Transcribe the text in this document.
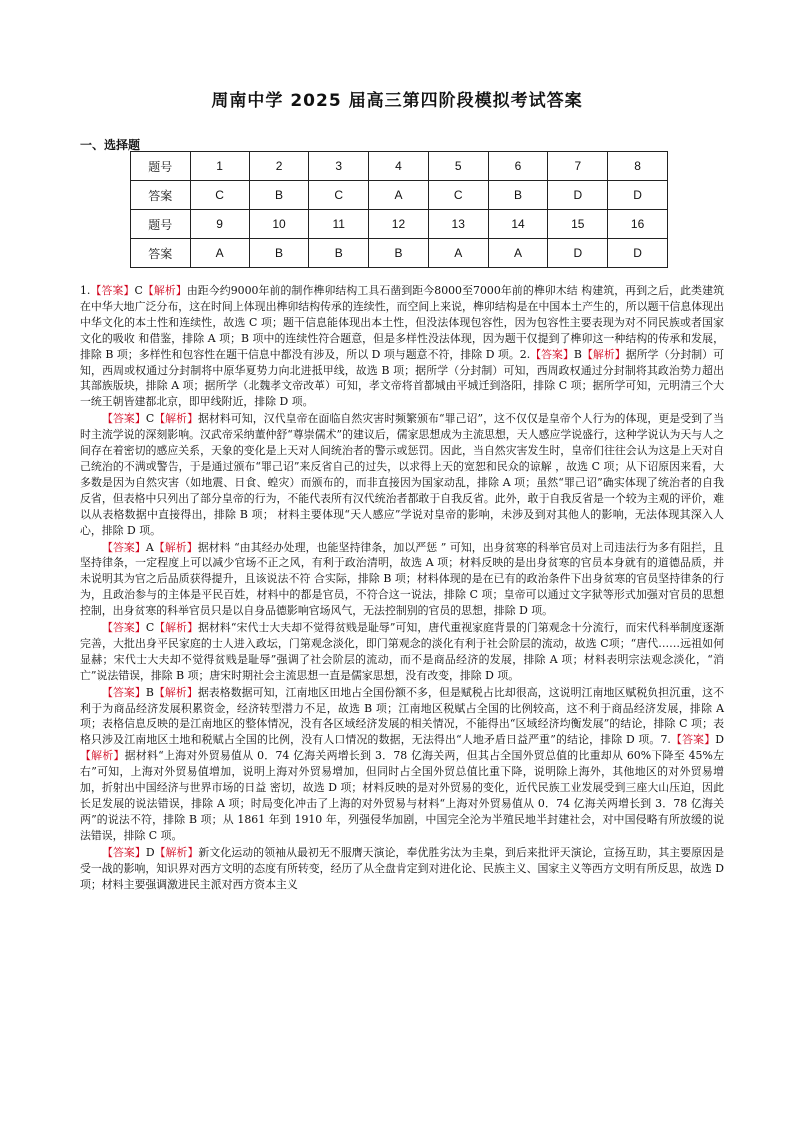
周南中学 2025 届高三第四阶段模拟考试答案
一、选择题
题号	1	2	3	4	5	6	7	8
答案	C	B	C	A	C	B	D	D
题号	9	10	11	12	13	14	15	16
答案	A	B	B	B	A	A	D	D

1.【答案】C【解析】由距今约9000年前的制作榫卯结构工具石凿到距今8000至7000年前的榫卯木结 构建筑，再到之后，此类建筑在中华大地广泛分布，这在时间上体现出榫卯结构传承的连续性，而空间上来说，榫卯结构是在中国本土产生的，所以题干信息体现出中华文化的本土性和连续性，故选 C 项；题干信息能体现出本土性，但没法体现包容性，因为包容性主要表现为对不同民族或者国家文化的吸收 和借鉴，排除 A 项；B 项中的连续性符合题意，但是多样性没法体现，因为题干仅提到了榫卯这一种结构的传承和发展，排除 B 项；多样性和包容性在题干信息中都没有涉及，所以 D 项与题意不符，排除 D 项。2.【答案】B【解析】据所学（分封制）可知，西周或权通过分封制将中原华夏势力向北进抵甲线，故选 B 项；据所学（分封制）可知，西周政权通过分封制将其政治势力超出其部族版块，排除 A 项；据所学（北魏孝文帝改革）可知，孝文帝将首都城由平城迁到洛阳，排除 C 项；据所学可知，元明清三个大一统王朝皆建都北京，即甲线附近，排除 D 项。

【答案】C【解析】据材料可知，汉代皇帝在面临自然灾害时频繁颁布“罪己诏”，这不仅仅是皇帝个人行为的体现，更是受到了当时主流学说的深刻影响。汉武帝采纳董仲舒“尊崇儒术”的建议后，儒家思想成为主流思想，天人感应学说盛行，这种学说认为天与人之间存在着密切的感应关系，天象的变化是上天对人间统治者的警示或惩罚。因此，当自然灾害发生时，皇帝们往往会认为这是上天对自己统治的不满或警告，于是通过颁布“罪己诏”来反省自己的过失，以求得上天的宽恕和民众的谅解 ，故选 C 项；从下诏原因来看，大多数是因为自然灾害（如地震、日食、蝗灾）而颁布的，而非直接因为国家动乱，排除 A 项；虽然“罪己诏”确实体现了统治者的自我反省，但表格中只列出了部分皇帝的行为，不能代表所有汉代统治者都敢于自我反省。此外，敢于自我反省是一个较为主观的评价，难以从表格数据中直接得出，排除 B 项； 材料主要体现“天人感应”学说对皇帝的影响，未涉及到对其他人的影响，无法体现其深入人心，排除 D 项。

【答案】A【解析】据材料 “由其经办处理，也能坚持律条，加以严惩 ” 可知，出身贫寒的科举官员对上司违法行为多有阻拦，且坚持律条，一定程度上可以减少官场不正之风，有利于政治清明，故选 A 项；材料反映的是出身贫寒的官员本身就有的道德品质，并未说明其为官之后品质获得提升，且该说法不符 合实际，排除 B 项；材料体现的是在已有的政治条件下出身贫寒的官员坚持律条的行为，且政治参与的主体是平民百姓，材料中的都是官员，不符合这一说法，排除 C 项；皇帝可以通过文字狱等形式加强对官员的思想控制，出身贫寒的科举官员只是以自身品德影响官场风气，无法控制别的官员的思想，排除 D 项。

【答案】C【解析】据材料“宋代士大夫却不觉得贫贱是耻辱”可知，唐代重视家庭背景的门第观念十分流行，而宋代科举制度逐渐完善，大批出身平民家庭的士人进入政坛，门第观念淡化，即门第观念的淡化有利于社会阶层的流动，故选 C项；“唐代……远祖如何显赫；宋代士大夫却不觉得贫贱是耻辱”强调了社会阶层的流动，而不是商品经济的发展，排除 A 项；材料表明宗法观念淡化，“消亡”说法错误，排除 B 项；唐宋时期社会主流思想一直是儒家思想，没有改变，排除 D 项。

【答案】B【解析】据表格数据可知，江南地区田地占全国份额不多，但是赋税占比却很高，这说明江南地区赋税负担沉重，这不利于为商品经济发展积累资金，经济转型潜力不足，故选 B 项；江南地区税赋占全国的比例较高，这不利于商品经济发展，排除 A 项；表格信息反映的是江南地区的整体情况，没有各区域经济发展的相关情况，不能得出“区域经济均衡发展”的结论，排除 C 项；表格只涉及江南地区土地和税赋占全国的比例，没有人口情况的数据，无法得出“人地矛盾日益严重”的结论，排除 D 项。7.【答案】D【解析】据材料“上海对外贸易值从 0．74 亿海关两增长到 3．78 亿海关两，但其占全国外贸总值的比重却从 60%下降至 45%左右”可知，上海对外贸易值增加，说明上海对外贸易增加，但同时占全国外贸总值比重下降，说明除上海外，其他地区的对外贸易增加，折射出中国经济与世界市场的日益 密切，故选 D 项；材料反映的是对外贸易的变化，近代民族工业发展受到三座大山压迫，因此长足发展的说法错误，排除 A 项；时局变化冲击了上海的对外贸易与材料“上海对外贸易值从 0．74 亿海关两增长到 3．78 亿海关两”的说法不符，排除 B 项；从 1861 年到 1910 年，列强侵华加剧，中国完全沦为半殖民地半封建社会，对中国侵略有所放缓的说法错误，排除 C 项。

【答案】D【解析】新文化运动的领袖从最初无不服膺天演论，奉优胜劣汰为圭臬，到后来批评天演论，宣扬互助，其主要原因是受一战的影响，知识界对西方文明的态度有所转变，经历了从全盘肯定到对进化论、民族主义、国家主义等西方文明有所反思，故选 D 项；材料主要强调激进民主派对西方资本主义
